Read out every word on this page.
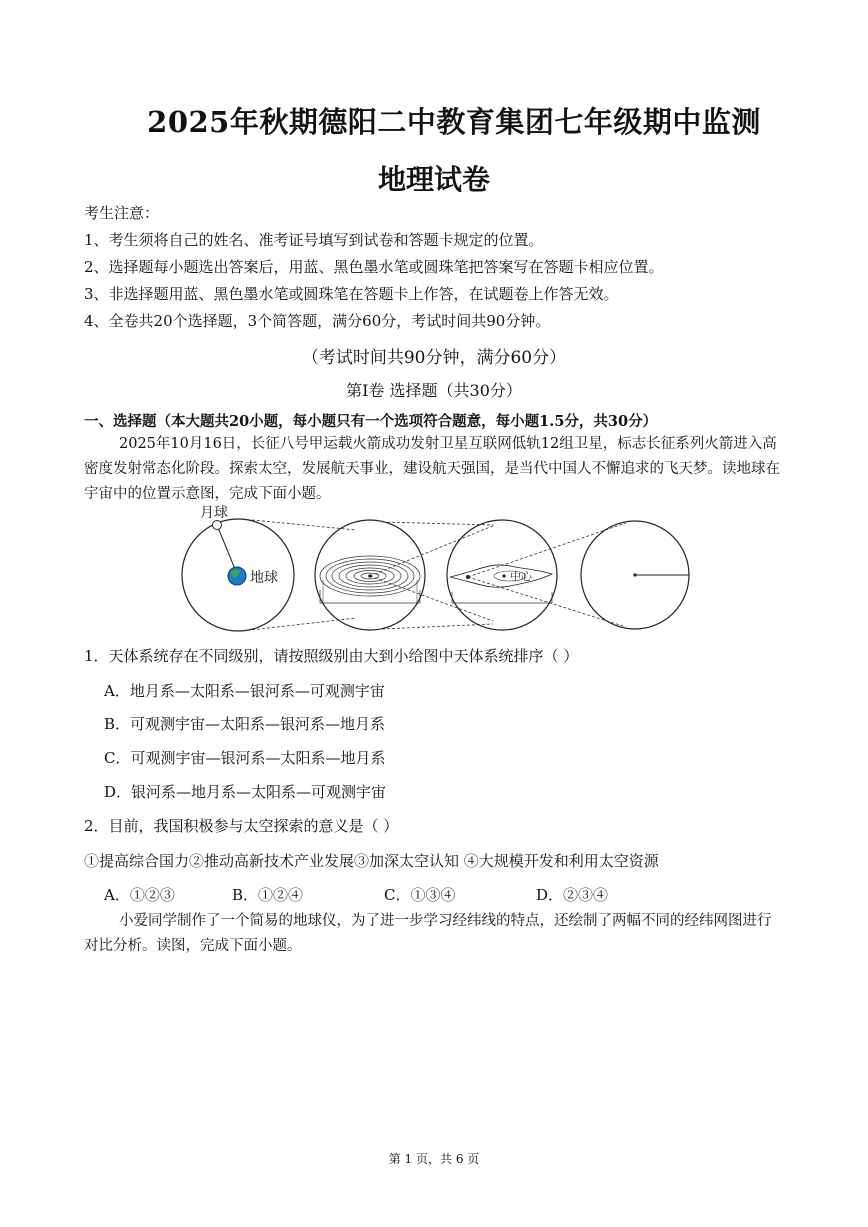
2025年秋期德阳二中教育集团七年级期中监测
地理试卷
考生注意：
1、考生须将自己的姓名、准考证号填写到试卷和答题卡规定的位置。
2、选择题每小题选出答案后，用蓝、黑色墨水笔或圆珠笔把答案写在答题卡相应位置。
3、非选择题用蓝、黑色墨水笔或圆珠笔在答题卡上作答，在试题卷上作答无效。
4、全卷共20个选择题，3个简答题，满分60分，考试时间共90分钟。
（考试时间共90分钟，满分60分）
第Ⅰ卷 选择题（共30分）
一、选择题（本大题共20小题，每小题只有一个选项符合题意，每小题1.5分，共30分）
2025年10月16日，长征八号甲运载火箭成功发射卫星互联网低轨12组卫星，标志长征系列火箭进入高密度发射常态化阶段。探索太空，发展航天事业，建设航天强国，是当代中国人不懈追求的飞天梦。读地球在宇宙中的位置示意图，完成下面小题。
月球
地球	中心
1．天体系统存在不同级别，请按照级别由大到小给图中天体系统排序（ ）
A．地月系—太阳系—银河系—可观测宇宙
B．可观测宇宙—太阳系—银河系—地月系
C．可观测宇宙—银河系—太阳系—地月系
D．银河系—地月系—太阳系—可观测宇宙
2．目前，我国积极参与太空探索的意义是（ ）
①提高综合国力②推动高新技术产业发展③加深太空认知 ④大规模开发和利用太空资源
A．①②③	B．①②④	C．①③④	D．②③④
小爱同学制作了一个简易的地球仪，为了进一步学习经纬线的特点，还绘制了两幅不同的经纬网图进行对比分析。读图，完成下面小题。
第 1 页，共 6 页
